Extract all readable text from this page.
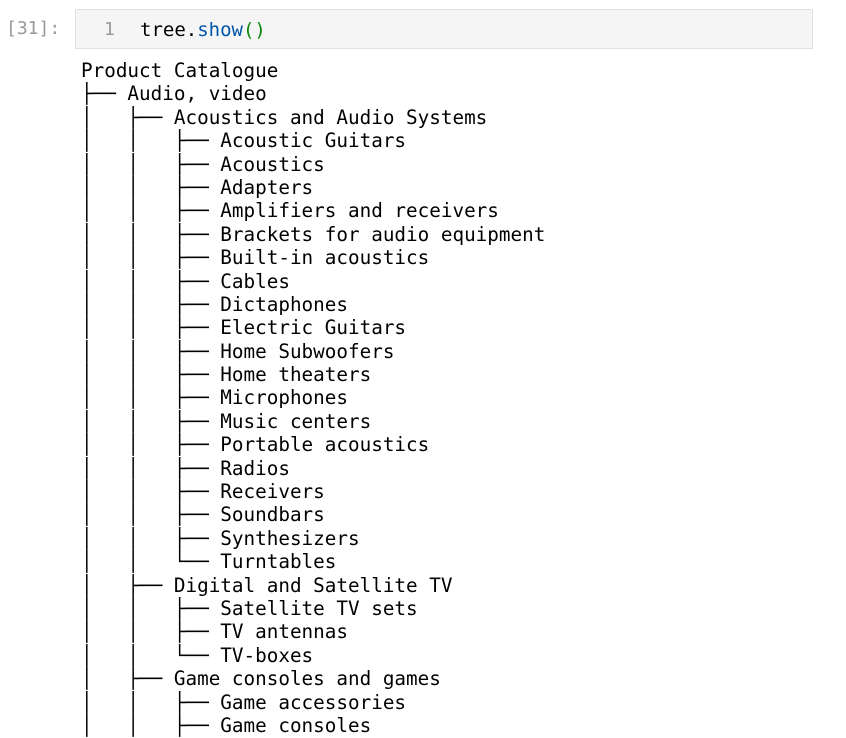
[31]: 1 tree.show()
Product Catalogue
├── Audio, video
│   ├── Acoustics and Audio Systems
│   │   ├── Acoustic Guitars
│   │   ├── Acoustics
│   │   ├── Adapters
│   │   ├── Amplifiers and receivers
│   │   ├── Brackets for audio equipment
│   │   ├── Built-in acoustics
│   │   ├── Cables
│   │   ├── Dictaphones
│   │   ├── Electric Guitars
│   │   ├── Home Subwoofers
│   │   ├── Home theaters
│   │   ├── Microphones
│   │   ├── Music centers
│   │   ├── Portable acoustics
│   │   ├── Radios
│   │   ├── Receivers
│   │   ├── Soundbars
│   │   ├── Synthesizers
│   │   └── Turntables
│   ├── Digital and Satellite TV
│   │   ├── Satellite TV sets
│   │   ├── TV antennas
│   │   └── TV-boxes
│   ├── Game consoles and games
│   │   ├── Game accessories
│   │   ├── Game consoles
